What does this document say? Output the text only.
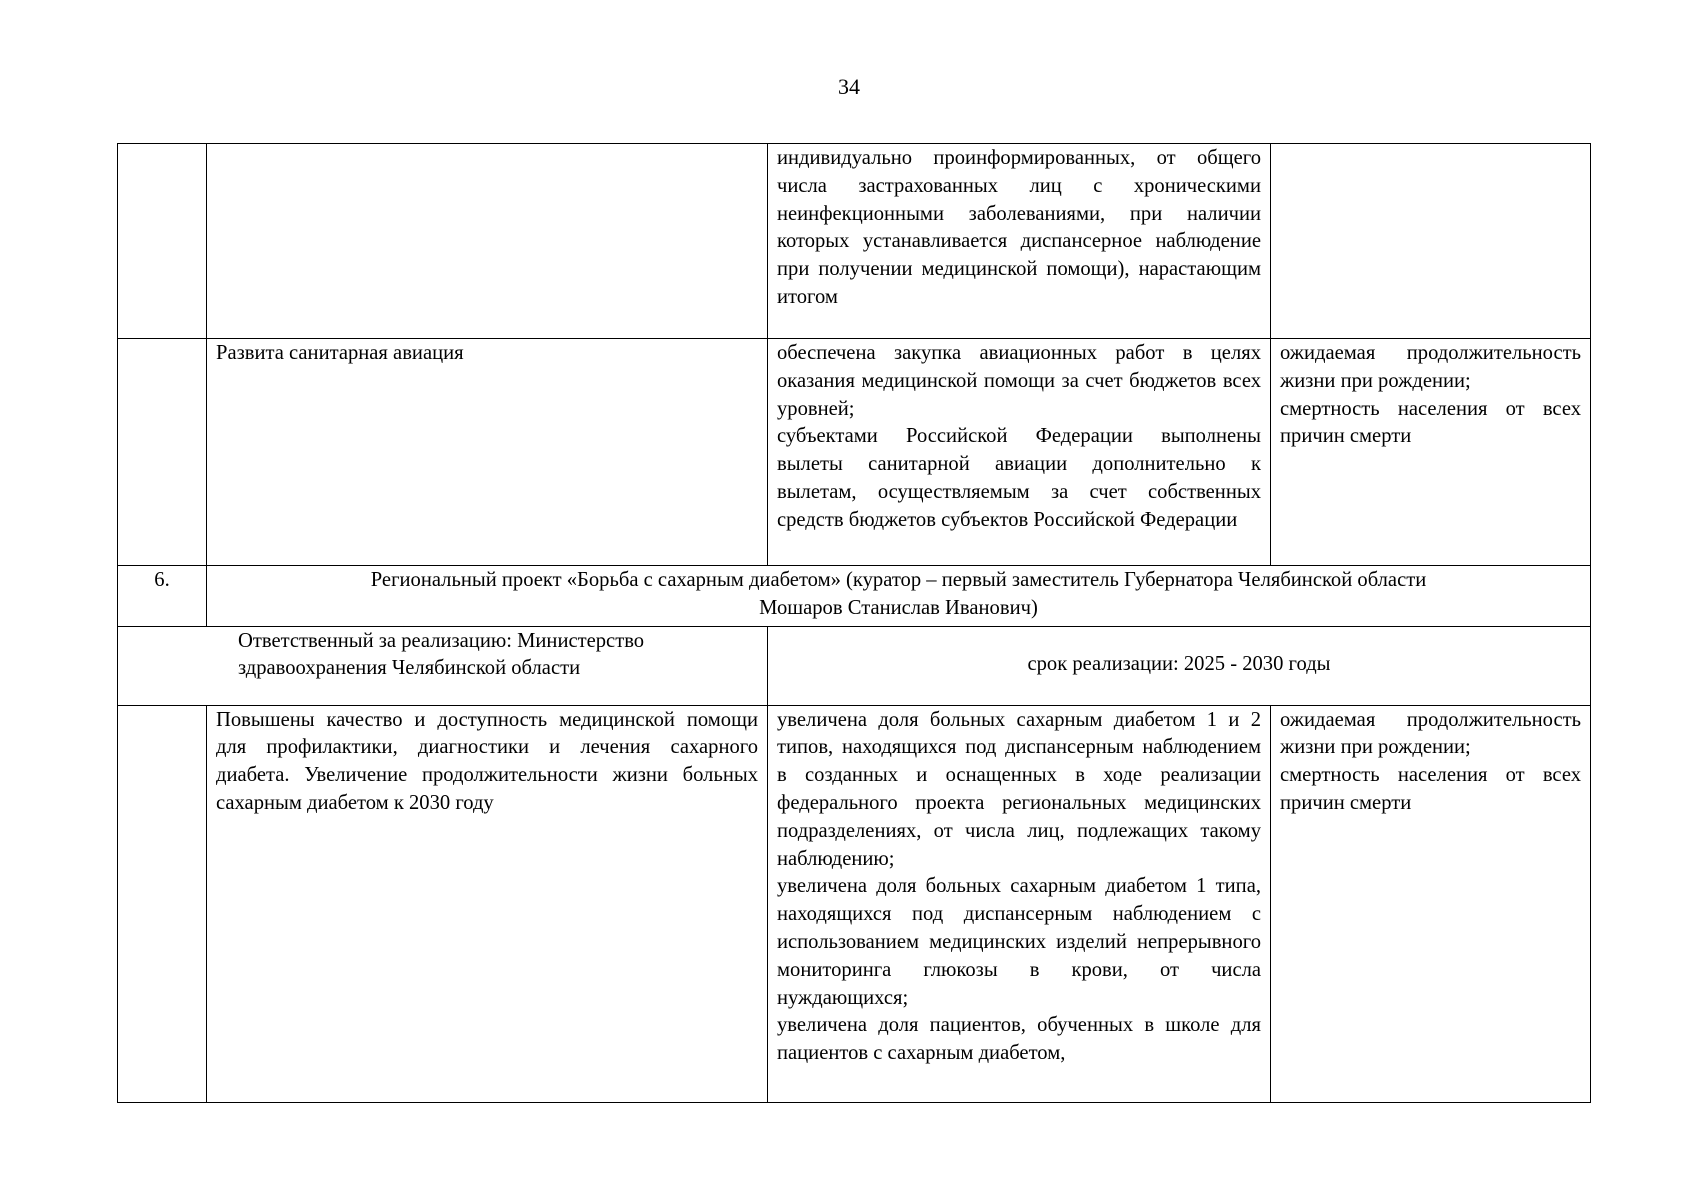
34

		индивидуально проинформированных, от общего числа застрахованных лиц с хроническими неинфекционными заболеваниями, при наличии которых устанавливается диспансерное наблюдение при получении медицинской помощи), нарастающим итогом	

	Развита санитарная авиация	обеспечена закупка авиационных работ в целях оказания медицинской помощи за счет бюджетов всех уровней;
субъектами Российской Федерации выполнены вылеты санитарной авиации дополнительно к вылетам, осуществляемым за счет собственных средств бюджетов субъектов Российской Федерации	ожидаемая продолжительность жизни при рождении;
смертность населения от всех причин смерти

6.	Региональный проект «Борьба с сахарным диабетом» (куратор – первый заместитель Губернатора Челябинской области
Мошаров Станислав Иванович)		

Ответственный за реализацию: Министерство здравоохранения Челябинской области		срок реализации: 2025 - 2030 годы	

	Повышены качество и доступность медицинской помощи для профилактики, диагностики и лечения сахарного диабета. Увеличение продолжительности жизни больных сахарным диабетом к 2030 году	увеличена доля больных сахарным диабетом 1 и 2 типов, находящихся под диспансерным наблюдением в созданных и оснащенных в ходе реализации федерального проекта региональных медицинских подразделениях, от числа лиц, подлежащих такому наблюдению;
увеличена доля больных сахарным диабетом 1 типа, находящихся под диспансерным наблюдением с использованием медицинских изделий непрерывного мониторинга глюкозы в крови, от числа нуждающихся;
увеличена доля пациентов, обученных в школе для пациентов с сахарным диабетом,	ожидаемая продолжительность жизни при рождении;
смертность населения от всех причин смерти
